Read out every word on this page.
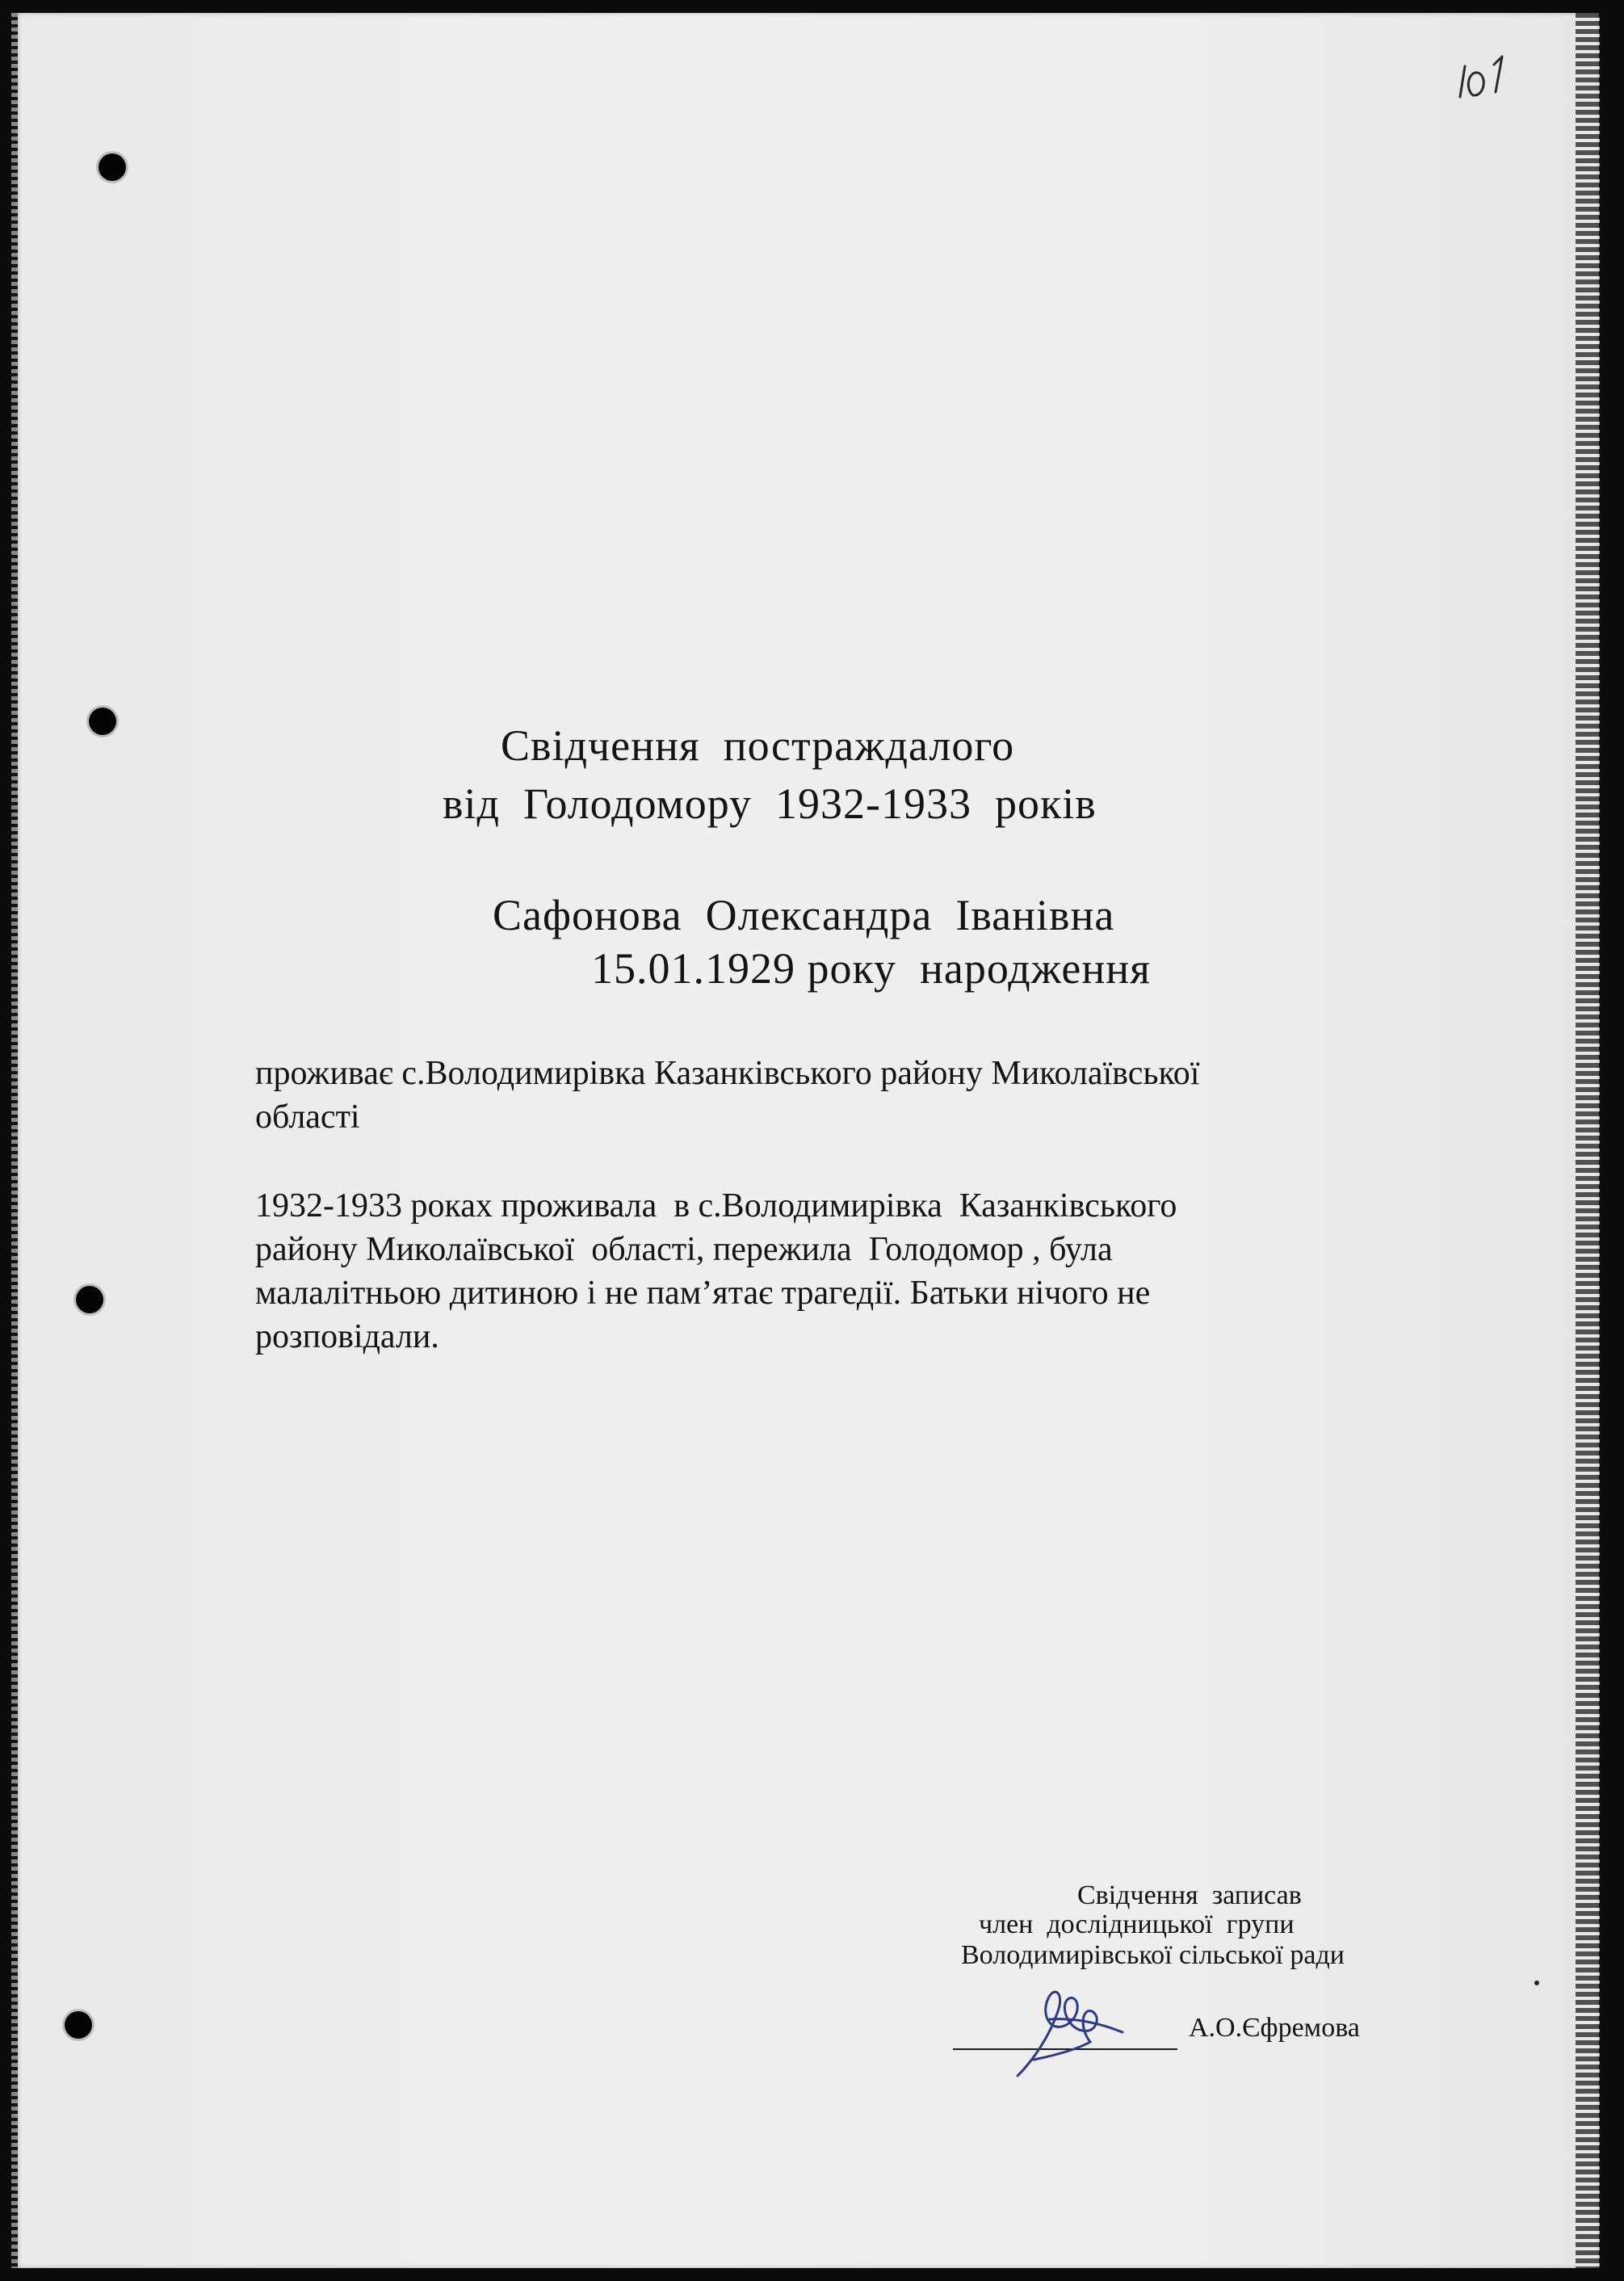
Свідчення  постраждалого
від  Голодомору  1932-1933  років
Сафонова  Олександра  Іванівна
15.01.1929 року  народження
проживає с.Володимирівка Казанківського району Миколаївської
області
1932-1933 роках проживала  в с.Володимирівка  Казанківського
району Миколаївської  області, пережила  Голодомор , була
малалітньою дитиною і не пам’ятає трагедії. Батьки нічого не
розповідали.
Свідчення  записав
член  дослідницької  групи
Володимирівської сільської ради
А.О.Єфремова
